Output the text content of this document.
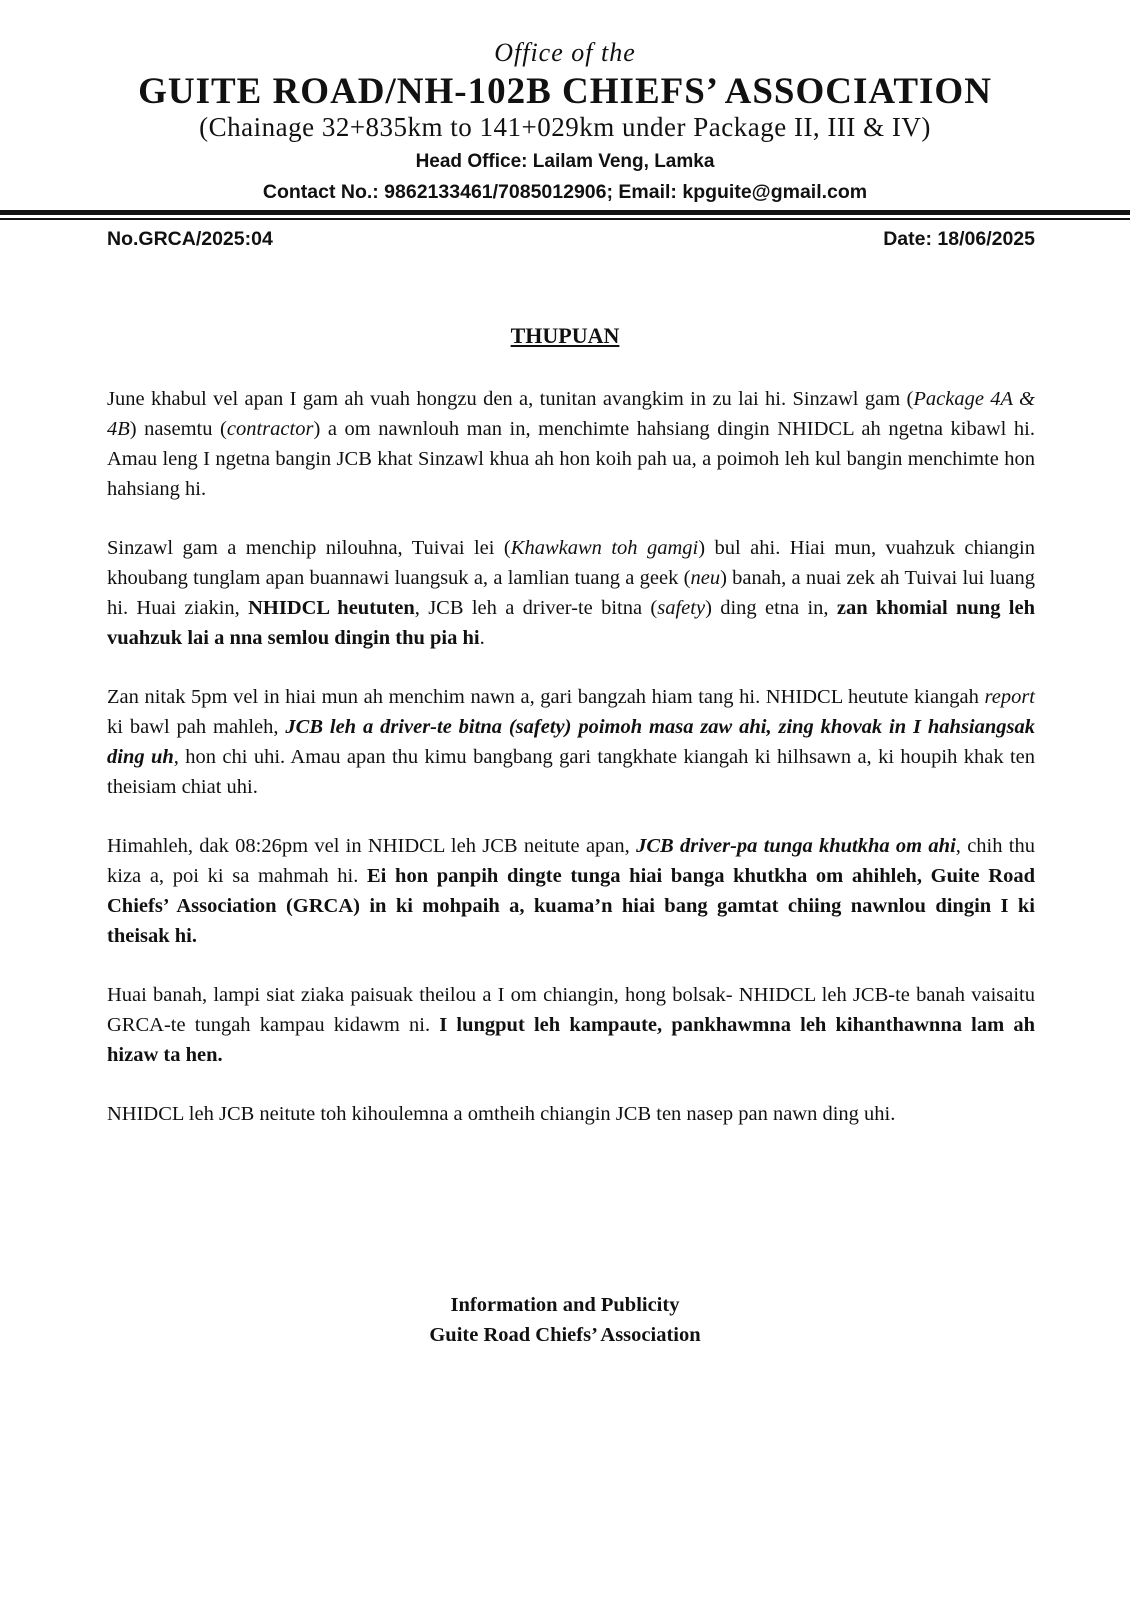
Office of the
GUITE ROAD/NH-102B CHIEFS’ ASSOCIATION
(Chainage 32+835km to 141+029km under Package II, III & IV)
Head Office: Lailam Veng, Lamka
Contact No.: 9862133461/7085012906; Email: kpguite@gmail.com
No.GRCA/2025:04	Date: 18/06/2025
THUPUAN

June khabul vel apan I gam ah vuah hongzu den a, tunitan avangkim in zu lai hi. Sinzawl gam (Package 4A & 4B) nasemtu (contractor) a om nawnlouh man in, menchimte hahsiang dingin NHIDCL ah ngetna kibawl hi. Amau leng I ngetna bangin JCB khat Sinzawl khua ah hon koih pah ua, a poimoh leh kul bangin menchimte hon hahsiang hi.

Sinzawl gam a menchip nilouhna, Tuivai lei (Khawkawn toh gamgi) bul ahi. Hiai mun, vuahzuk chiangin khoubang tunglam apan buannawi luangsuk a, a lamlian tuang a geek (neu) banah, a nuai zek ah Tuivai lui luang hi. Huai ziakin, NHIDCL heututen, JCB leh a driver-te bitna (safety) ding etna in, zan khomial nung leh vuahzuk lai a nna semlou dingin thu pia hi.

Zan nitak 5pm vel in hiai mun ah menchim nawn a, gari bangzah hiam tang hi. NHIDCL heutute kiangah report ki bawl pah mahleh, JCB leh a driver-te bitna (safety) poimoh masa zaw ahi, zing khovak in I hahsiangsak ding uh, hon chi uhi. Amau apan thu kimu bangbang gari tangkhate kiangah ki hilhsawn a, ki houpih khak ten theisiam chiat uhi.

Himahleh, dak 08:26pm vel in NHIDCL leh JCB neitute apan, JCB driver-pa tunga khutkha om ahi, chih thu kiza a, poi ki sa mahmah hi. Ei hon panpih dingte tunga hiai banga khutkha om ahihleh, Guite Road Chiefs’ Association (GRCA) in ki mohpaih a, kuama’n hiai bang gamtat chiing nawnlou dingin I ki theisak hi.

Huai banah, lampi siat ziaka paisuak theilou a I om chiangin, hong bolsak- NHIDCL leh JCB-te banah vaisaitu GRCA-te tungah kampau kidawm ni. I lungput leh kampaute, pankhawmna leh kihanthawnna lam ah hizaw ta hen.

NHIDCL leh JCB neitute toh kihoulemna a omtheih chiangin JCB ten nasep pan nawn ding uhi.

Information and Publicity
Guite Road Chiefs’ Association
